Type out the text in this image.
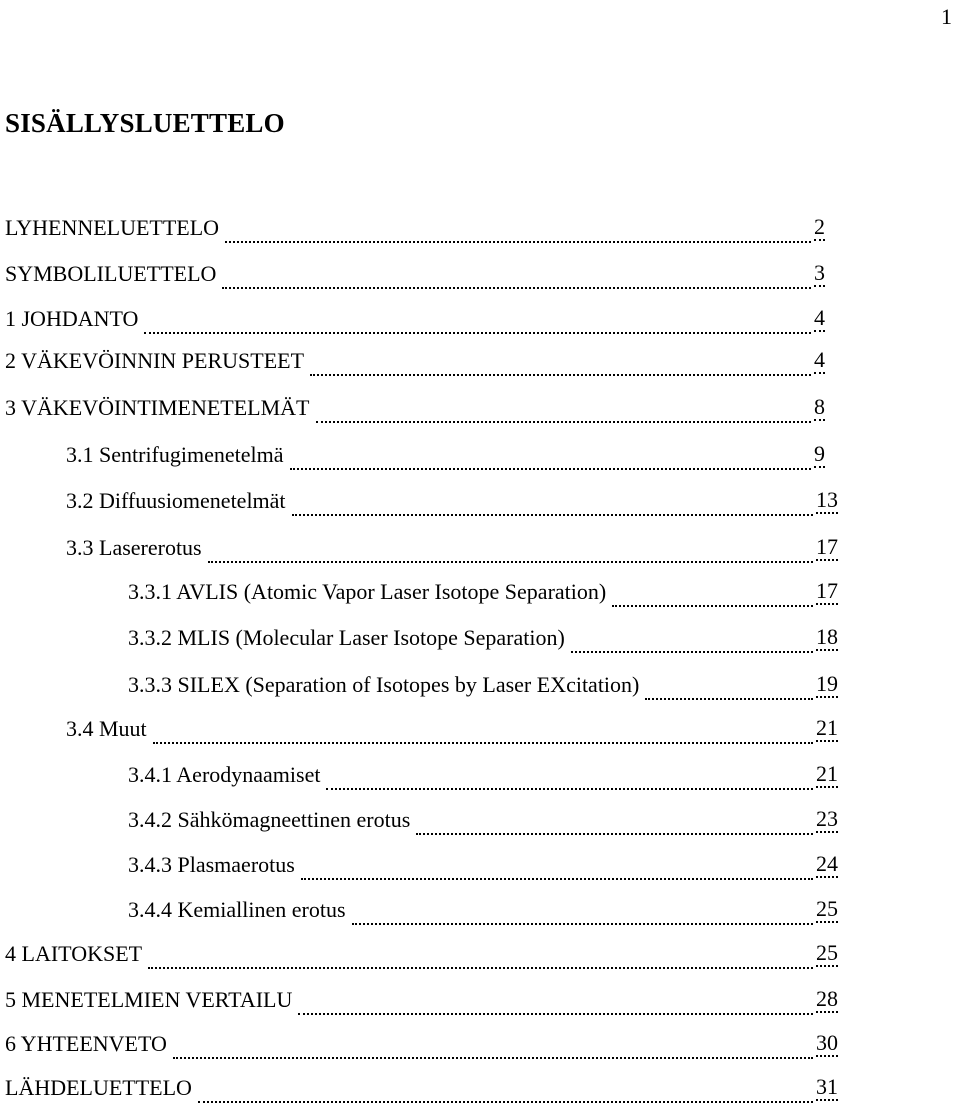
1
SISÄLLYSLUETTELO
LYHENNELUETTELO	2
SYMBOLILUETTELO	3
1 JOHDANTO	4
2 VÄKEVÖINNIN PERUSTEET	4
3 VÄKEVÖINTIMENETELMÄT	8
3.1 Sentrifugimenetelmä	9
3.2 Diffuusiomenetelmät	13
3.3 Lasererotus	17
3.3.1 AVLIS (Atomic Vapor Laser Isotope Separation)	17
3.3.2 MLIS (Molecular Laser Isotope Separation)	18
3.3.3 SILEX (Separation of Isotopes by Laser EXcitation)	19
3.4 Muut	21
3.4.1 Aerodynaamiset	21
3.4.2 Sähkömagneettinen erotus	23
3.4.3 Plasmaerotus	24
3.4.4 Kemiallinen erotus	25
4 LAITOKSET	25
5 MENETELMIEN VERTAILU	28
6 YHTEENVETO	30
LÄHDELUETTELO	31
